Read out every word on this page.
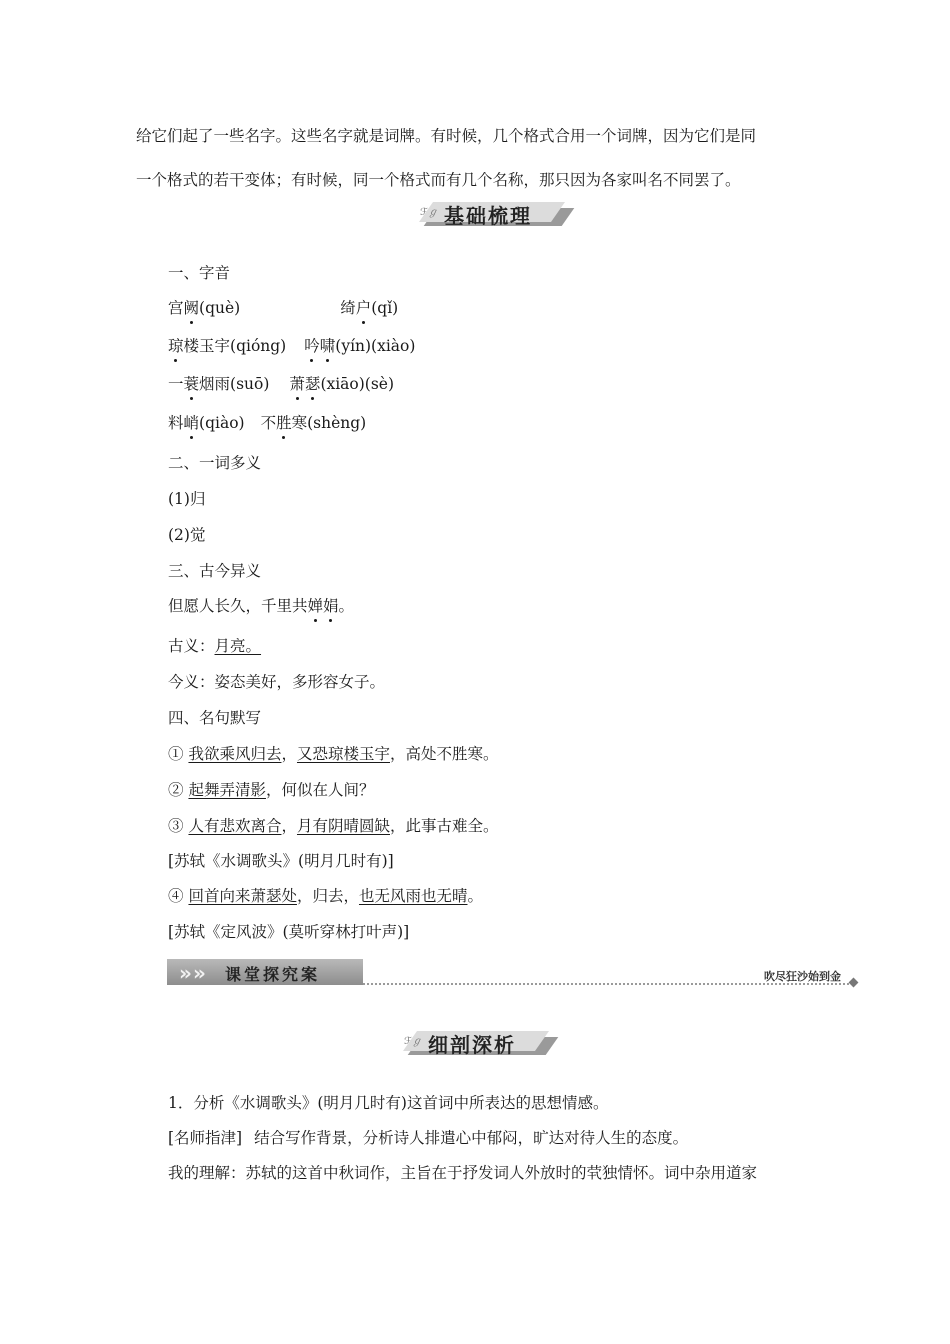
给它们起了一些名字。这些名字就是词牌。有时候，几个格式合用一个词牌，因为它们是同
一个格式的若干变体；有时候，同一个格式而有几个名称，那只因为各家叫名不同罢了。
ℱℊ 基础梳理
一、字音
宫阙(què)	绮户(qǐ)
琼楼玉宇(qióng) 吟啸(yín)(xiào)
一蓑烟雨(suō) 萧瑟(xiāo)(sè)
料峭(qiào) 不胜寒(shèng)
二、一词多义
(1)归
(2)觉
三、古今异义
但愿人长久，千里共婵娟。
古义：月亮。
今义：姿态美好，多形容女子。
四、名句默写
① 我欲乘风归去，又恐琼楼玉宇，高处不胜寒。
② 起舞弄清影，何似在人间？
③ 人有悲欢离合，月有阴晴圆缺，此事古难全。
[苏轼《水调歌头》(明月几时有)]
④ 回首向来萧瑟处，归去，也无风雨也无晴。
[苏轼《定风波》(莫听穿林打叶声)]
» » 课堂探究案	吹尽狂沙始到金
ℱℊ 细剖深析
1．分析《水调歌头》(明月几时有)这首词中所表达的思想情感。
[名师指津] 结合写作背景，分析诗人排遣心中郁闷，旷达对待人生的态度。
我的理解：苏轼的这首中秋词作，主旨在于抒发词人外放时的茕独情怀。词中杂用道家
